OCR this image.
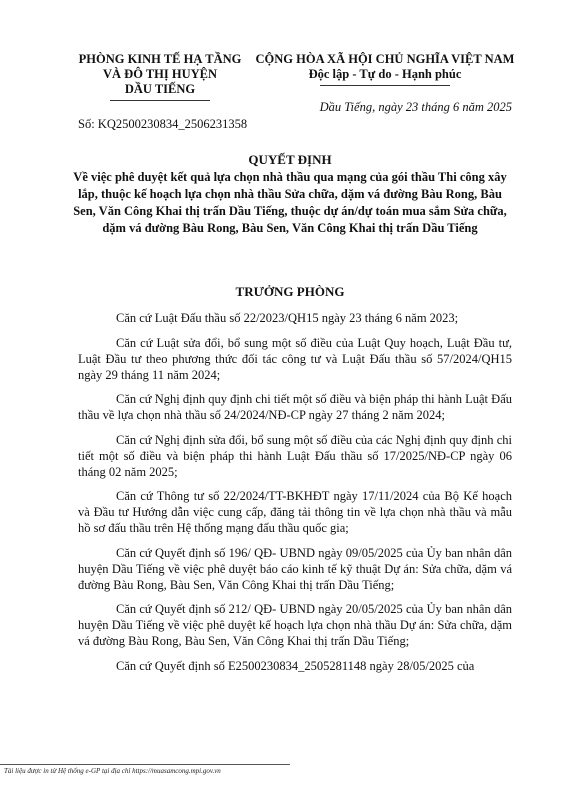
PHÒNG KINH TẾ HẠ TẦNG
VÀ ĐÔ THỊ HUYỆN
DẦU TIẾNG
CỘNG HÒA XÃ HỘI CHỦ NGHĨA VIỆT NAM
Độc lập - Tự do - Hạnh phúc
Dầu Tiếng, ngày 23 tháng 6 năm 2025
Số: KQ2500230834_2506231358
QUYẾT ĐỊNH
Về việc phê duyệt kết quả lựa chọn nhà thầu qua mạng của gói thầu Thi công xây lắp, thuộc kế hoạch lựa chọn nhà thầu Sửa chữa, dặm vá đường Bàu Rong, Bàu Sen, Văn Công Khai thị trấn Dầu Tiếng, thuộc dự án/dự toán mua sắm Sửa chữa, dặm vá đường Bàu Rong, Bàu Sen, Văn Công Khai thị trấn Dầu Tiếng
TRƯỞNG PHÒNG

Căn cứ Luật Đấu thầu số 22/2023/QH15 ngày 23 tháng 6 năm 2023;

Căn cứ Luật sửa đổi, bổ sung một số điều của Luật Quy hoạch, Luật Đầu tư, Luật Đầu tư theo phương thức đối tác công tư và Luật Đấu thầu số 57/2024/QH15 ngày 29 tháng 11 năm 2024;

Căn cứ Nghị định quy định chi tiết một số điều và biện pháp thi hành Luật Đấu thầu về lựa chọn nhà thầu số 24/2024/NĐ-CP ngày 27 tháng 2 năm 2024;

Căn cứ Nghị định sửa đổi, bổ sung một số điều của các Nghị định quy định chi tiết một số điều và biện pháp thi hành Luật Đấu thầu số 17/2025/NĐ-CP ngày 06 tháng 02 năm 2025;

Căn cứ Thông tư số 22/2024/TT-BKHĐT ngày 17/11/2024 của Bộ Kế hoạch và Đầu tư Hướng dẫn việc cung cấp, đăng tải thông tin về lựa chọn nhà thầu và mẫu hồ sơ đấu thầu trên Hệ thống mạng đấu thầu quốc gia;

Căn cứ Quyết định số 196/ QĐ- UBND ngày 09/05/2025 của Ủy ban nhân dân huyện Dầu Tiếng về việc phê duyệt báo cáo kinh tế kỹ thuật Dự án: Sửa chữa, dặm vá đường Bàu Rong, Bàu Sen, Văn Công Khai thị trấn Dầu Tiếng;

Căn cứ Quyết định số 212/ QĐ- UBND ngày 20/05/2025 của Ủy ban nhân dân huyện Dầu Tiếng về việc phê duyệt kế hoạch lựa chọn nhà thầu Dự án: Sửa chữa, dặm vá đường Bàu Rong, Bàu Sen, Văn Công Khai thị trấn Dầu Tiếng;

Căn cứ Quyết định số E2500230834_2505281148 ngày 28/05/2025 của

Tài liệu được in từ Hệ thống e-GP tại địa chỉ https://muasamcong.mpi.gov.vn
